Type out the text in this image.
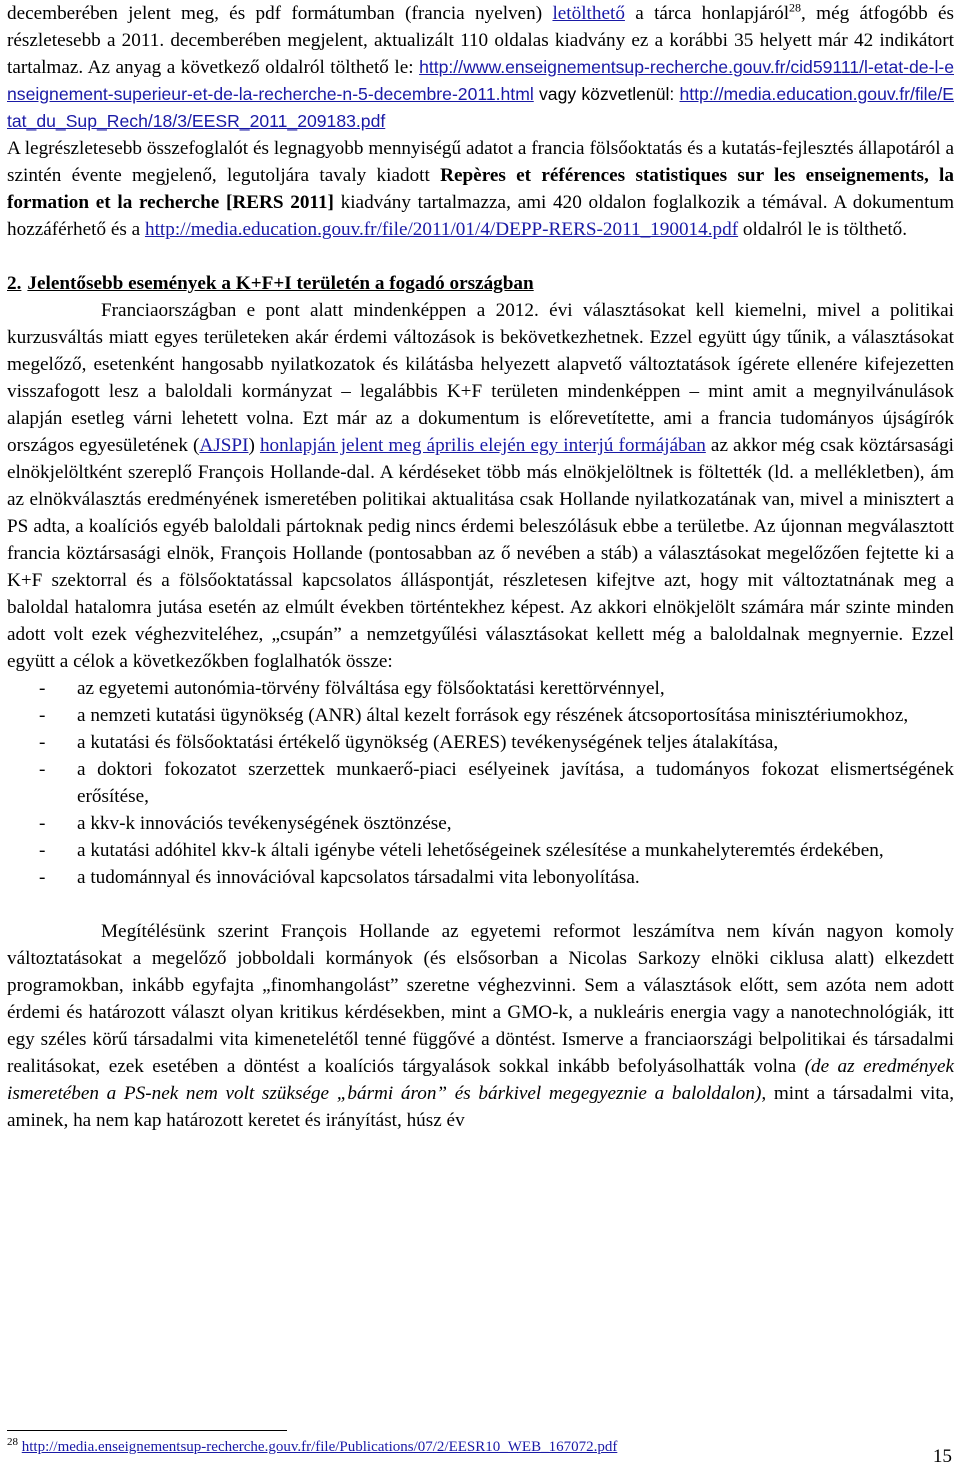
decemberében jelent meg, és pdf formátumban (francia nyelven) letölthető a tárca honlapjáról$^{28}$, még átfogóbb és részletesebb a 2011. decemberében megjelent, aktualizált 110 oldalas kiadvány ez a korábbi 35 helyett már 42 indikátort tartalmaz. Az anyag a következő oldalról tölthető le: http://www.enseignementsup-recherche.gouv.fr/cid59111/l-etat-de-l-enseignement-superieur-et-de-la-recherche-n-5-decembre-2011.html vagy közvetlenül: http://media.education.gouv.fr/file/Etat_du_Sup_Rech/18/3/EESR_2011_209183.pdf

A legrészletesebb összefoglalót és legnagyobb mennyiségű adatot a francia fölsőoktatás és a kutatás-fejlesztés állapotáról a szintén évente megjelenő, legutoljára tavaly kiadott Repères et références statistiques sur les enseignements, la formation et la recherche [RERS 2011] kiadvány tartalmazza, ami 420 oldalon foglalkozik a témával. A dokumentum hozzáférhető és a http://media.education.gouv.fr/file/2011/01/4/DEPP-RERS-2011_190014.pdf oldalról le is tölthető.

2. Jelentősebb események a K+F+I területén a fogadó országban

Franciaországban e pont alatt mindenképpen a 2012. évi választásokat kell kiemelni, mivel a politikai kurzusváltás miatt egyes területeken akár érdemi változások is bekövetkezhetnek. Ezzel együtt úgy tűnik, a választásokat megelőző, esetenként hangosabb nyilatkozatok és kilátásba helyezett alapvető változtatások ígérete ellenére kifejezetten visszafogott lesz a baloldali kormányzat – legalábbis K+F területen mindenképpen – mint amit a megnyilvánulások alapján esetleg várni lehetett volna. Ezt már az a dokumentum is előrevetítette, ami a francia tudományos újságírók országos egyesületének (AJSPI) honlapján jelent meg április elején egy interjú formájában az akkor még csak köztársasági elnökjelöltként szereplő François Hollande-dal. A kérdéseket több más elnökjelöltnek is föltették (ld. a mellékletben), ám az elnökválasztás eredményének ismeretében politikai aktualitása csak Hollande nyilatkozatának van, mivel a minisztert a PS adta, a koalíciós egyéb baloldali pártoknak pedig nincs érdemi beleszólásuk ebbe a területbe. Az újonnan megválasztott francia köztársasági elnök, François Hollande (pontosabban az ő nevében a stáb) a választásokat megelőzően fejtette ki a K+F szektorral és a fölsőoktatással kapcsolatos álláspontját, részletesen kifejtve azt, hogy mit változtatnának meg a baloldal hatalomra jutása esetén az elmúlt években történtekhez képest. Az akkori elnökjelölt számára már szinte minden adott volt ezek véghezviteléhez, „csupán” a nemzetgyűlési választásokat kellett még a baloldalnak megnyernie. Ezzel együtt a célok a következőkben foglalhatók össze:

- az egyetemi autonómia-törvény fölváltása egy fölsőoktatási kerettörvénnyel,
- a nemzeti kutatási ügynökség (ANR) által kezelt források egy részének átcsoportosítása minisztériumokhoz,
- a kutatási és fölsőoktatási értékelő ügynökség (AERES) tevékenységének teljes átalakítása,
- a doktori fokozatot szerzettek munkaerő-piaci esélyeinek javítása, a tudományos fokozat elismertségének erősítése,
- a kkv-k innovációs tevékenységének ösztönzése,
- a kutatási adóhitel kkv-k általi igénybe vételi lehetőségeinek szélesítése a munkahelyteremtés érdekében,
- a tudománnyal és innovációval kapcsolatos társadalmi vita lebonyolítása.

Megítélésünk szerint François Hollande az egyetemi reformot leszámítva nem kíván nagyon komoly változtatásokat a megelőző jobboldali kormányok (és elsősorban a Nicolas Sarkozy elnöki ciklusa alatt) elkezdett programokban, inkább egyfajta „finomhangolást” szeretne véghezvinni. Sem a választások előtt, sem azóta nem adott érdemi és határozott választ olyan kritikus kérdésekben, mint a GMO-k, a nukleáris energia vagy a nanotechnológiák, itt egy széles körű társadalmi vita kimenetelétől tenné függővé a döntést. Ismerve a franciaországi belpolitikai és társadalmi realitásokat, ezek esetében a döntést a koalíciós tárgyalások sokkal inkább befolyásolhatták volna (de az eredmények ismeretében a PS-nek nem volt szüksége „bármi áron” és bárkivel megegyeznie a baloldalon), mint a társadalmi vita, aminek, ha nem kap határozott keretet és irányítást, húsz év

$^{28}$ http://media.enseignementsup-recherche.gouv.fr/file/Publications/07/2/EESR10_WEB_167072.pdf	15
